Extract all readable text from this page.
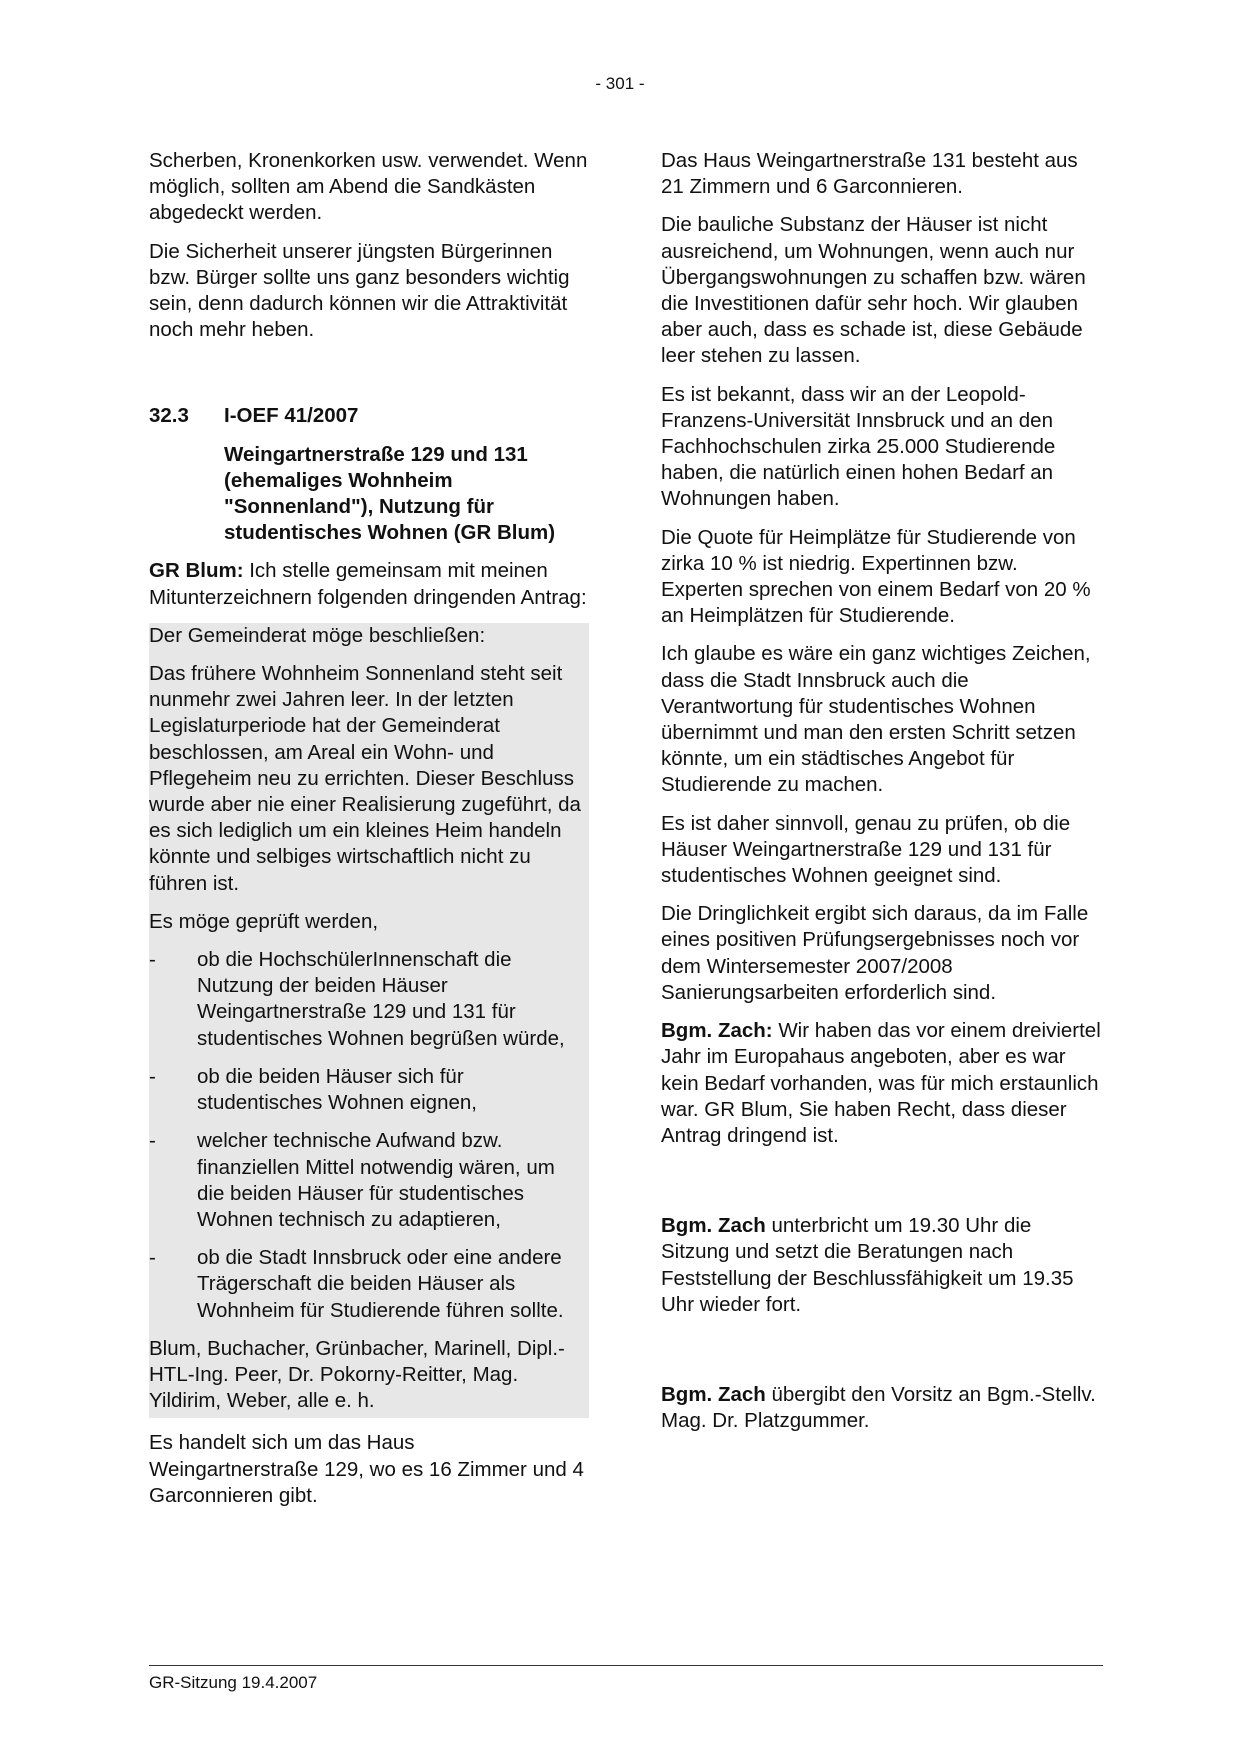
- 301 -

Scherben, Kronenkorken usw. verwendet. Wenn möglich, sollten am Abend die Sandkästen abgedeckt werden.

Die Sicherheit unserer jüngsten Bürgerinnen bzw. Bürger sollte uns ganz besonders wichtig sein, denn dadurch können wir die Attraktivität noch mehr heben.

32.3	I-OEF 41/2007
Weingartnerstraße 129 und 131 (ehemaliges Wohnheim "Sonnenland"), Nutzung für studentisches Wohnen (GR Blum)

GR Blum: Ich stelle gemeinsam mit meinen Mitunterzeichnern folgenden dringenden Antrag:

Der Gemeinderat möge beschließen:

Das frühere Wohnheim Sonnenland steht seit nunmehr zwei Jahren leer. In der letzten Legislaturperiode hat der Gemeinderat beschlossen, am Areal ein Wohn- und Pflegeheim neu zu errichten. Dieser Beschluss wurde aber nie einer Realisierung zugeführt, da es sich lediglich um ein kleines Heim handeln könnte und selbiges wirtschaftlich nicht zu führen ist.

Es möge geprüft werden,

-	ob die HochschülerInnenschaft die Nutzung der beiden Häuser Weingartnerstraße 129 und 131 für studentisches Wohnen begrüßen würde,
-	ob die beiden Häuser sich für studentisches Wohnen eignen,
-	welcher technische Aufwand bzw. finanziellen Mittel notwendig wären, um die beiden Häuser für studentisches Wohnen technisch zu adaptieren,
-	ob die Stadt Innsbruck oder eine andere Trägerschaft die beiden Häuser als Wohnheim für Studierende führen sollte.

Blum, Buchacher, Grünbacher, Marinell, Dipl.-HTL-Ing. Peer, Dr. Pokorny-Reitter, Mag. Yildirim, Weber, alle e. h.

Es handelt sich um das Haus Weingartnerstraße 129, wo es 16 Zimmer und 4 Garconnieren gibt.

Das Haus Weingartnerstraße 131 besteht aus 21 Zimmern und 6 Garconnieren.

Die bauliche Substanz der Häuser ist nicht ausreichend, um Wohnungen, wenn auch nur Übergangswohnungen zu schaffen bzw. wären die Investitionen dafür sehr hoch. Wir glauben aber auch, dass es schade ist, diese Gebäude leer stehen zu lassen.

Es ist bekannt, dass wir an der Leopold-Franzens-Universität Innsbruck und an den Fachhochschulen zirka 25.000 Studierende haben, die natürlich einen hohen Bedarf an Wohnungen haben.

Die Quote für Heimplätze für Studierende von zirka 10 % ist niedrig. Expertinnen bzw. Experten sprechen von einem Bedarf von 20 % an Heimplätzen für Studierende.

Ich glaube es wäre ein ganz wichtiges Zeichen, dass die Stadt Innsbruck auch die Verantwortung für studentisches Wohnen übernimmt und man den ersten Schritt setzen könnte, um ein städtisches Angebot für Studierende zu machen.

Es ist daher sinnvoll, genau zu prüfen, ob die Häuser Weingartnerstraße 129 und 131 für studentisches Wohnen geeignet sind.

Die Dringlichkeit ergibt sich daraus, da im Falle eines positiven Prüfungsergebnisses noch vor dem Wintersemester 2007/2008 Sanierungsarbeiten erforderlich sind.

Bgm. Zach: Wir haben das vor einem dreiviertel Jahr im Europahaus angeboten, aber es war kein Bedarf vorhanden, was für mich erstaunlich war. GR Blum, Sie haben Recht, dass dieser Antrag dringend ist.

Bgm. Zach unterbricht um 19.30 Uhr die Sitzung und setzt die Beratungen nach Feststellung der Beschlussfähigkeit um 19.35 Uhr wieder fort.

Bgm. Zach übergibt den Vorsitz an Bgm.-Stellv. Mag. Dr. Platzgummer.

GR-Sitzung 19.4.2007
